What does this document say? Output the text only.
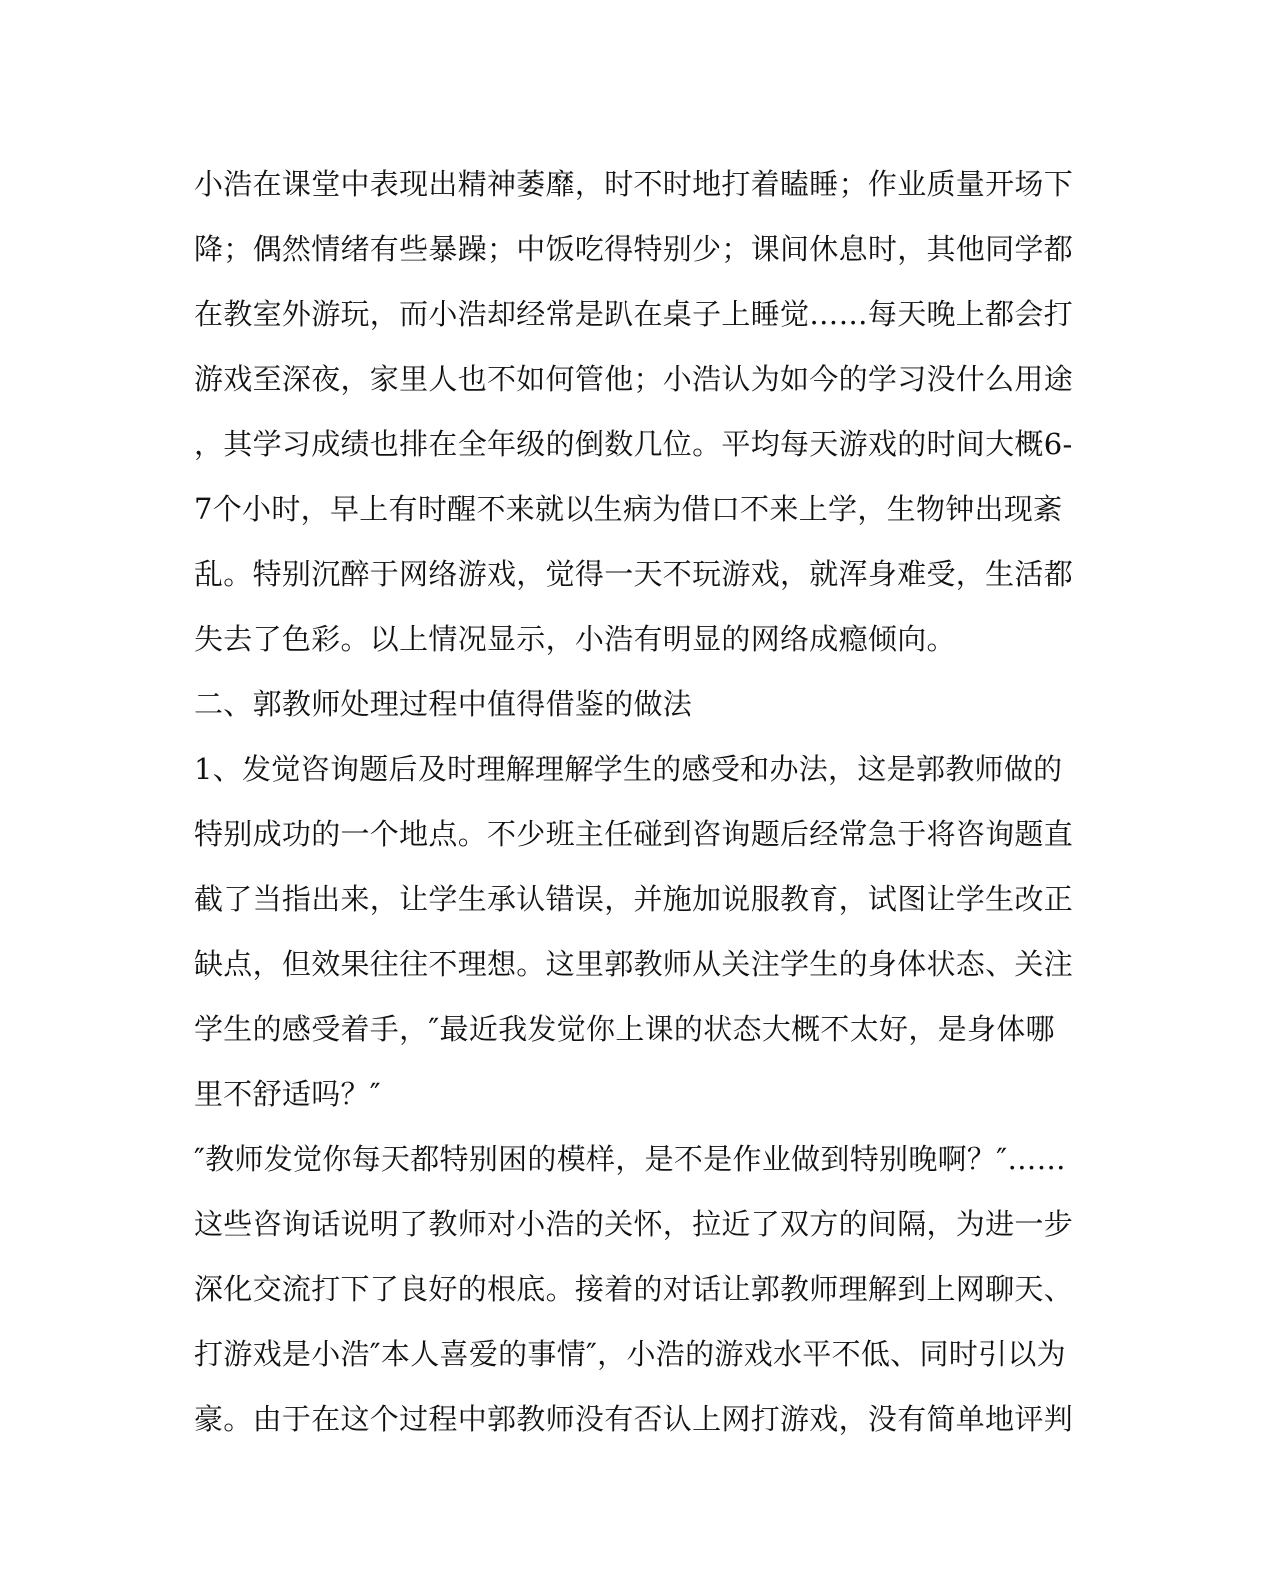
小浩在课堂中表现出精神萎靡，时不时地打着瞌睡；作业质量开场下
降；偶然情绪有些暴躁；中饭吃得特别少；课间休息时，其他同学都
在教室外游玩，而小浩却经常是趴在桌子上睡觉……每天晚上都会打
游戏至深夜，家里人也不如何管他；小浩认为如今的学习没什么用途
，其学习成绩也排在全年级的倒数几位。平均每天游戏的时间大概6-
7个小时，早上有时醒不来就以生病为借口不来上学，生物钟出现紊
乱。特别沉醉于网络游戏，觉得一天不玩游戏，就浑身难受，生活都
失去了色彩。以上情况显示，小浩有明显的网络成瘾倾向。
二、郭教师处理过程中值得借鉴的做法
1、发觉咨询题后及时理解理解学生的感受和办法，这是郭教师做的
特别成功的一个地点。不少班主任碰到咨询题后经常急于将咨询题直
截了当指出来，让学生承认错误，并施加说服教育，试图让学生改正
缺点，但效果往往不理想。这里郭教师从关注学生的身体状态、关注
学生的感受着手，″最近我发觉你上课的状态大概不太好，是身体哪
里不舒适吗？″
″教师发觉你每天都特别困的模样，是不是作业做到特别晚啊？″……
这些咨询话说明了教师对小浩的关怀，拉近了双方的间隔，为进一步
深化交流打下了良好的根底。接着的对话让郭教师理解到上网聊天、
打游戏是小浩″本人喜爱的事情″，小浩的游戏水平不低、同时引以为
豪。由于在这个过程中郭教师没有否认上网打游戏，没有简单地评判
